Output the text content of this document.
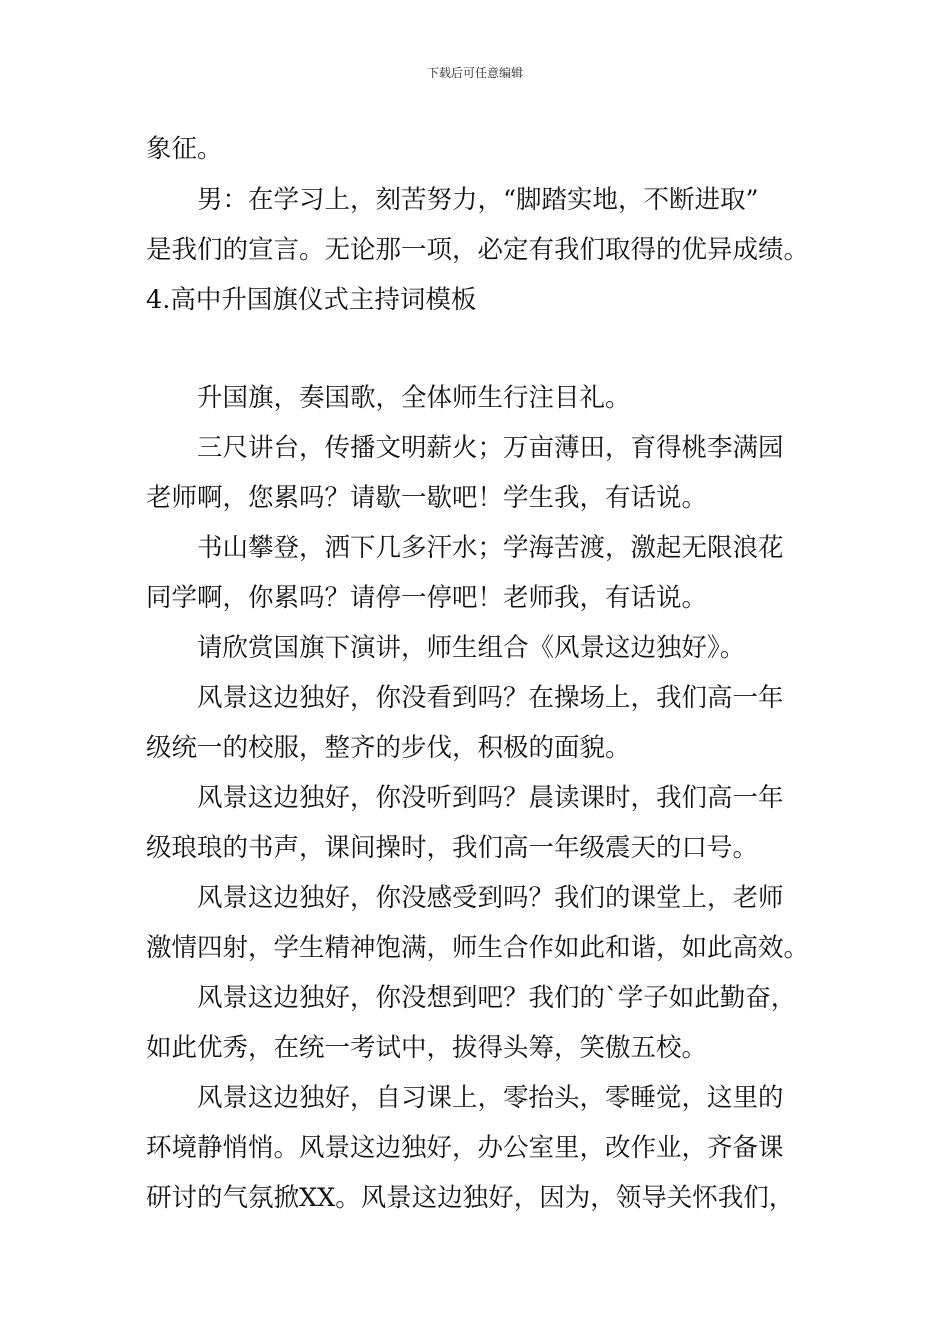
下载后可任意编辑
象征。
男：在学习上，刻苦努力，“脚踏实地，不断进取”
是我们的宣言。无论那一项，必定有我们取得的优异成绩。
4.高中升国旗仪式主持词模板
升国旗，奏国歌，全体师生行注目礼。
三尺讲台，传播文明薪火；万亩薄田，育得桃李满园
老师啊，您累吗？请歇一歇吧！学生我，有话说。
书山攀登，洒下几多汗水；学海苦渡，激起无限浪花
同学啊，你累吗？请停一停吧！老师我，有话说。
请欣赏国旗下演讲，师生组合《风景这边独好》。
风景这边独好，你没看到吗？在操场上，我们高一年
级统一的校服，整齐的步伐，积极的面貌。
风景这边独好，你没听到吗？晨读课时，我们高一年
级琅琅的书声，课间操时，我们高一年级震天的口号。
风景这边独好，你没感受到吗？我们的课堂上，老师
激情四射，学生精神饱满，师生合作如此和谐，如此高效。
风景这边独好，你没想到吧？我们的`学子如此勤奋，
如此优秀，在统一考试中，拔得头筹，笑傲五校。
风景这边独好，自习课上，零抬头，零睡觉，这里的
环境静悄悄。风景这边独好，办公室里，改作业，齐备课
研讨的气氛掀XX。风景这边独好，因为，领导关怀我们，
